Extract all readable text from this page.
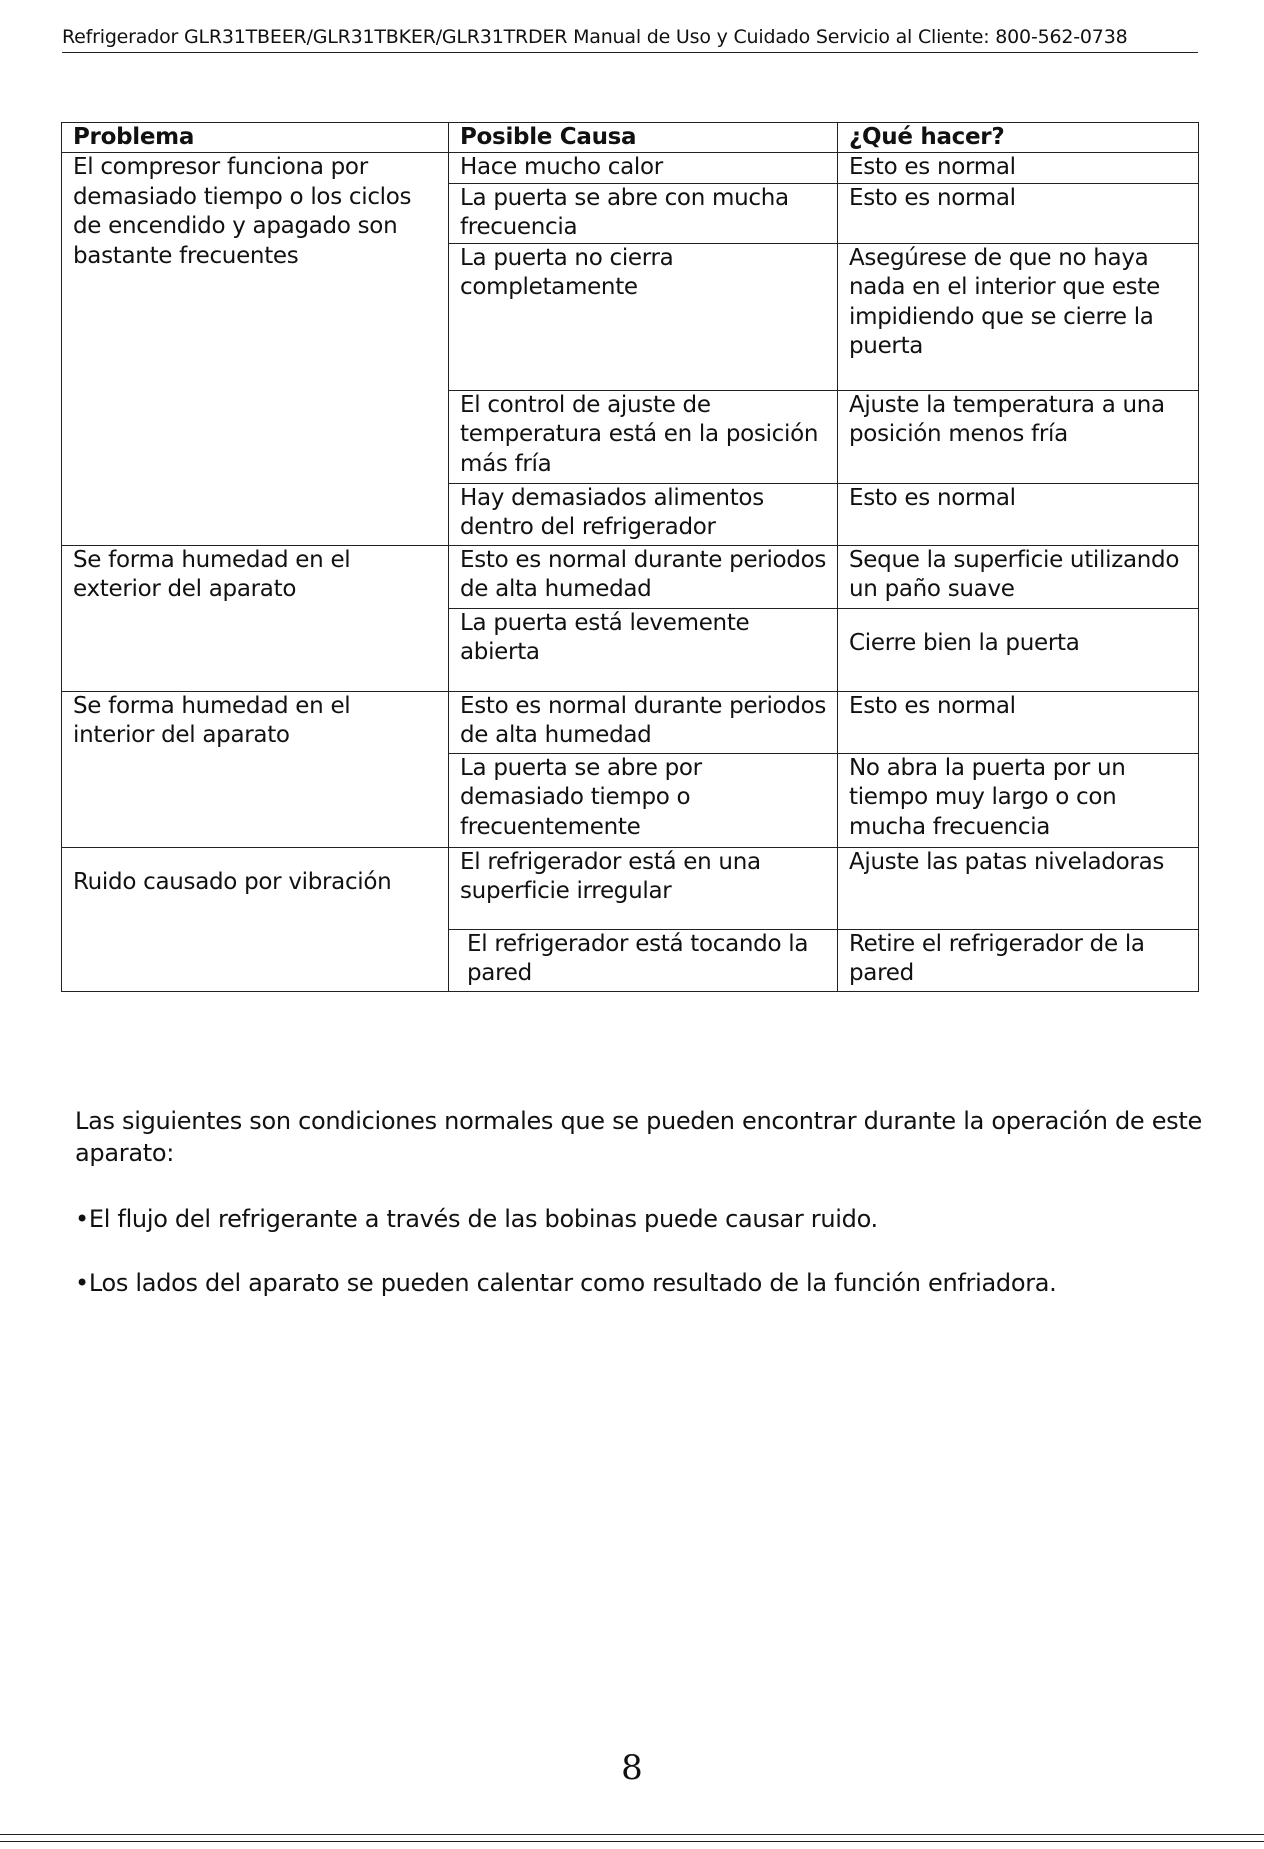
Refrigerador GLR31TBEER/GLR31TBKER/GLR31TRDER Manual de Uso y Cuidado Servicio al Cliente: 800-562-0738
Problema	Posible Causa	¿Qué hacer?
El compresor funciona por demasiado tiempo o los ciclos de encendido y apagado son bastante frecuentes	Hace mucho calor	Esto es normal
	La puerta se abre con mucha frecuencia	Esto es normal
	La puerta no cierra completamente	Asegúrese de que no haya nada en el interior que este impidiendo que se cierre la puerta
	El control de ajuste de temperatura está en la posición más fría	Ajuste la temperatura a una posición menos fría
	Hay demasiados alimentos dentro del refrigerador	Esto es normal
Se forma humedad en el exterior del aparato	Esto es normal durante periodos de alta humedad	Seque la superficie utilizando un paño suave
	La puerta está levemente abierta	Cierre bien la puerta
Se forma humedad en el interior del aparato	Esto es normal durante periodos de alta humedad	Esto es normal
	La puerta se abre por demasiado tiempo o frecuentemente	No abra la puerta por un tiempo muy largo o con mucha frecuencia
Ruido causado por vibración	El refrigerador está en una superficie irregular	Ajuste las patas niveladoras
	El refrigerador está tocando la pared	Retire el refrigerador de la pared

Las siguientes son condiciones normales que se pueden encontrar durante la operación de este aparato:

•El flujo del refrigerante a través de las bobinas puede causar ruido.

•Los lados del aparato se pueden calentar como resultado de la función enfriadora.

8
